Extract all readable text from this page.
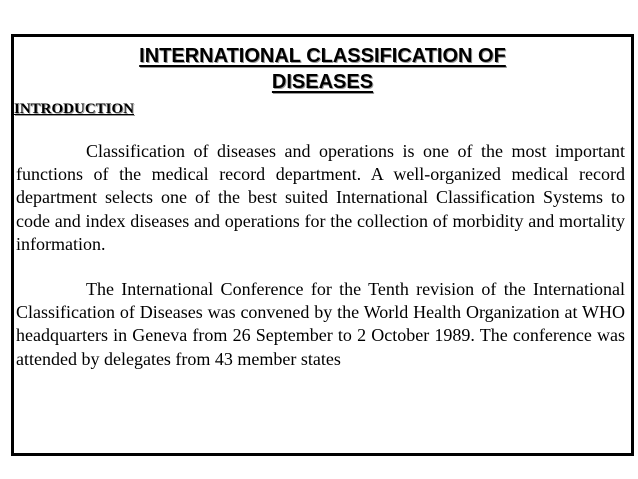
INTERNATIONAL CLASSIFICATION OF
DISEASES
INTRODUCTION

Classification of diseases and operations is one of the most important functions of the medical record department. A well-organized medical record department selects one of the best suited International Classification Systems to code and index diseases and operations for the collection of morbidity and mortality information.

The International Conference for the Tenth revision of the International Classification of Diseases was convened by the World Health Organization at WHO headquarters in Geneva from 26 September to 2 October 1989. The conference was attended by delegates from 43 member states
